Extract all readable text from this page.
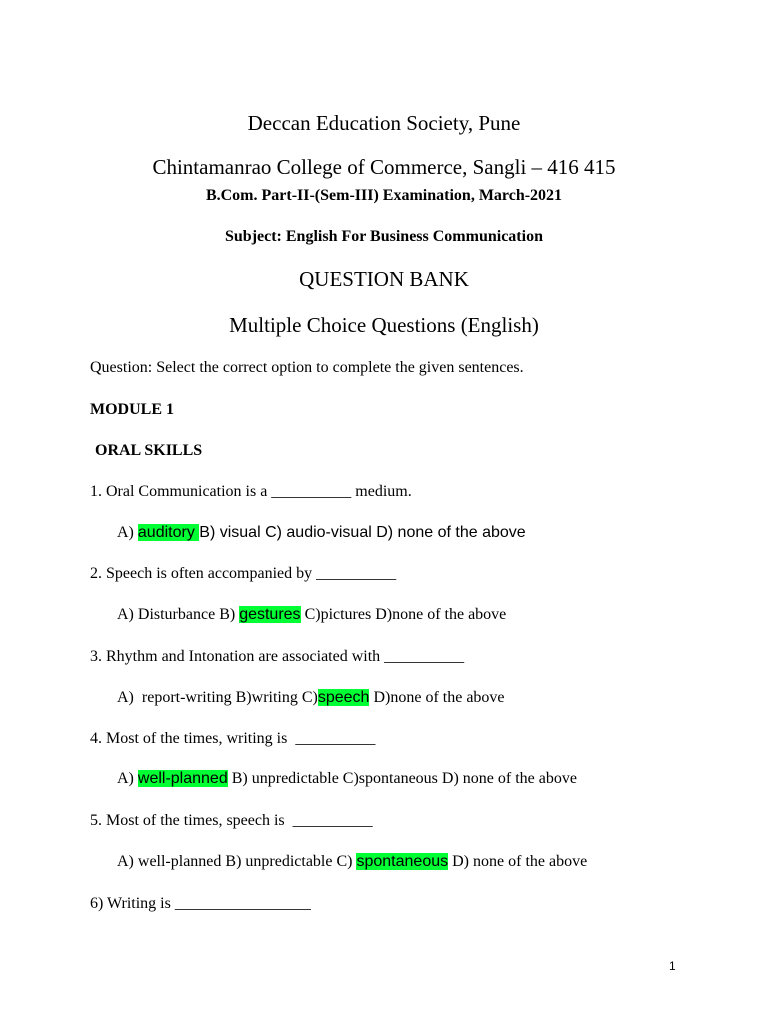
Deccan Education Society, Pune
Chintamanrao College of Commerce, Sangli – 416 415
B.Com. Part-II-(Sem-III) Examination, March-2021
Subject: English For Business Communication
QUESTION BANK
Multiple Choice Questions (English)
Question: Select the correct option to complete the given sentences.
MODULE 1
ORAL SKILLS
1. Oral Communication is a __________ medium.
A) auditory B) visual C) audio-visual D) none of the above
2. Speech is often accompanied by __________
A) Disturbance B) gestures C)pictures D)none of the above
3. Rhythm and Intonation are associated with __________
A)  report-writing B)writing C)speech D)none of the above
4. Most of the times, writing is  __________
A) well-planned B) unpredictable C)spontaneous D) none of the above
5. Most of the times, speech is  __________
A) well-planned B) unpredictable C) spontaneous D) none of the above
6) Writing is _________________
1
